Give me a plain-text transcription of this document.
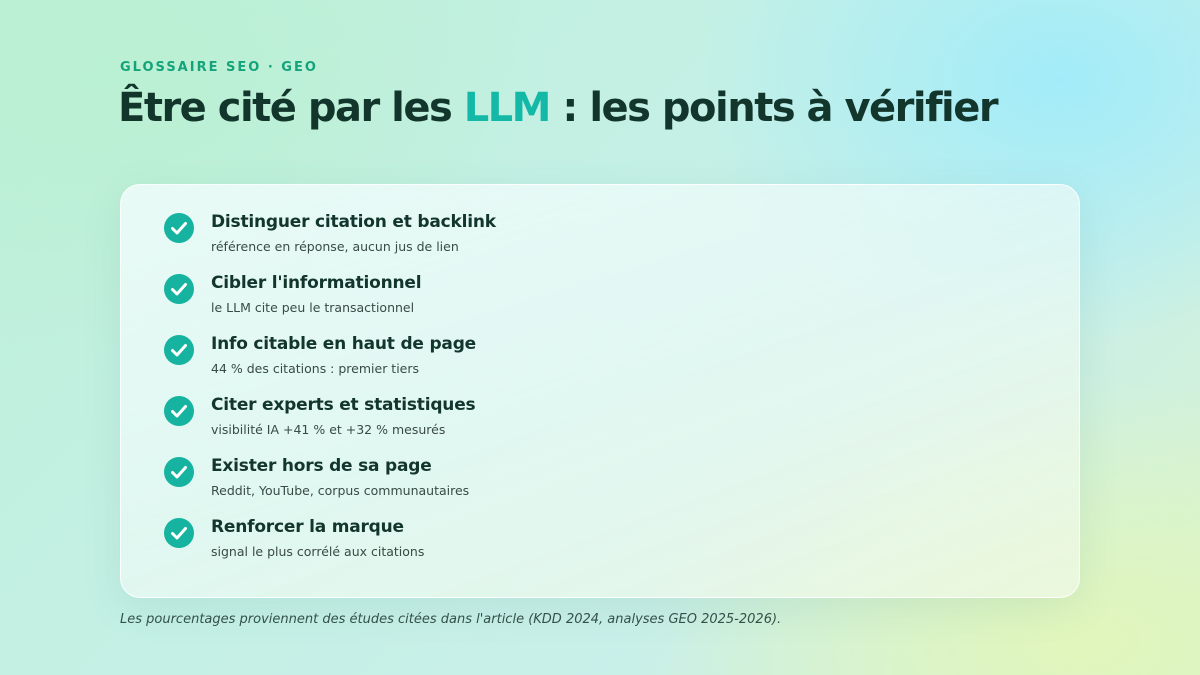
GLOSSAIRE SEO · GEO

Être cité par les LLM : les points à vérifier

Distinguer citation et backlink

référence en réponse, aucun jus de lien

Cibler l'informationnel

le LLM cite peu le transactionnel

Info citable en haut de page

44 % des citations : premier tiers

Citer experts et statistiques

visibilité IA +41 % et +32 % mesurés

Exister hors de sa page

Reddit, YouTube, corpus communautaires

Renforcer la marque

signal le plus corrélé aux citations

Les pourcentages proviennent des études citées dans l'article (KDD 2024, analyses GEO 2025-2026).
